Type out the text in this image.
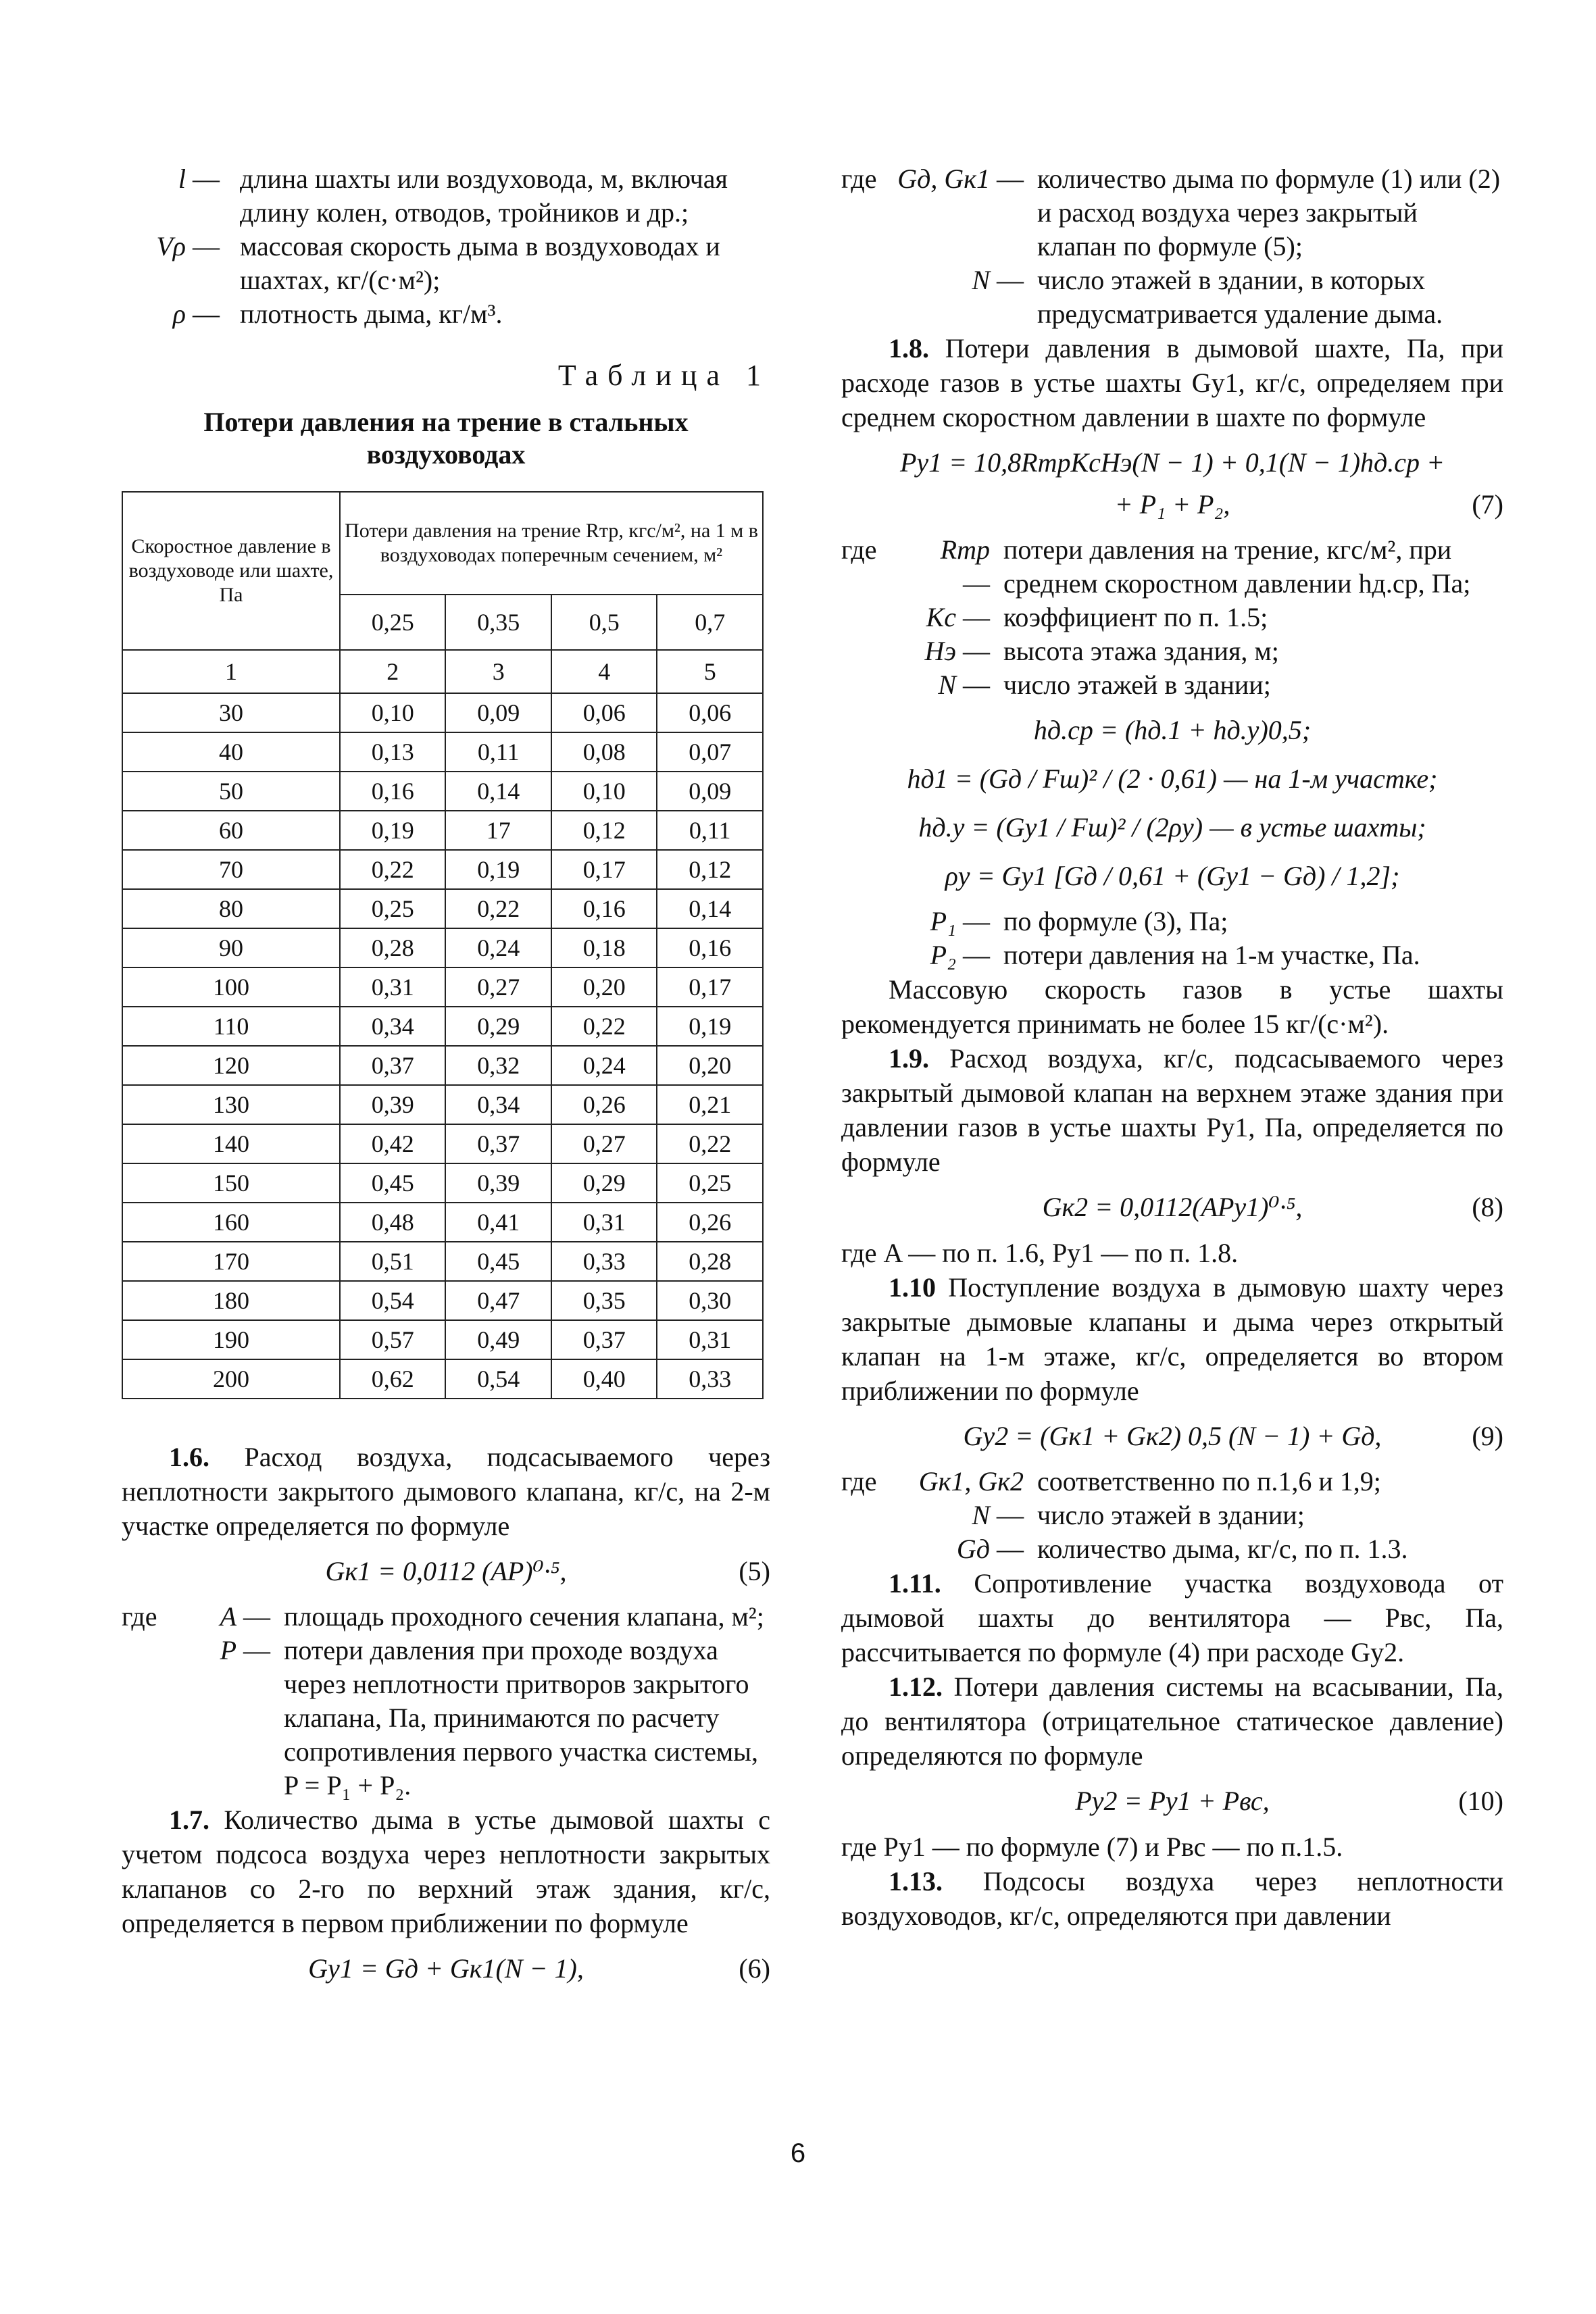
l —	длина шахты или воздуховода, м, включая длину колен, отводов, тройников и др.;
Vρ —	массовая скорость дыма в воздуховодах и шахтах, кг/(с·м²);
ρ —	плотность дыма, кг/м³.
Таблица 1
Потери давления на трение в стальных воздуховодах
Скоростное давление в воздуховоде или шахте, Па	Потери давления на трение Rтр, кгс/м², на 1 м в воздуховодах поперечным сечением, м²			
	0,25	0,35	0,5	0,7
1	2	3	4	5
30	0,10	0,09	0,06	0,06
40	0,13	0,11	0,08	0,07
50	0,16	0,14	0,10	0,09
60	0,19	17	0,12	0,11
70	0,22	0,19	0,17	0,12
80	0,25	0,22	0,16	0,14
90	0,28	0,24	0,18	0,16
100	0,31	0,27	0,20	0,17
110	0,34	0,29	0,22	0,19
120	0,37	0,32	0,24	0,20
130	0,39	0,34	0,26	0,21
140	0,42	0,37	0,27	0,22
150	0,45	0,39	0,29	0,25
160	0,48	0,41	0,31	0,26
170	0,51	0,45	0,33	0,28
180	0,54	0,47	0,35	0,30
190	0,57	0,49	0,37	0,31
200	0,62	0,54	0,40	0,33

1.6. Расход воздуха, подсасываемого через неплотности закрытого дымового клапана, кг/с, на 2-м участке определяется по формуле

Gк1 = 0,0112 (AP)⁰·⁵,	(5)
где	A —	площадь проходного сечения клапана, м²;
P —	потери давления при проходе воздуха через неплотности притворов закрытого клапана, Па, принимаются по расчету сопротивления первого участка системы, P = P₁ + P₂.

1.7. Количество дыма в устье дымовой шахты с учетом подсоса воздуха через неплотности закрытых клапанов со 2-го по верхний этаж здания, кг/с, определяется в первом приближении по формуле

Gу1 = Gд + Gк1(N − 1),	(6)
где Gд, Gк1 —	количество дыма по формуле (1) или (2) и расход воздуха через закрытый клапан по формуле (5);
N —	число этажей в здании, в которых предусматривается удаление дыма.

1.8. Потери давления в дымовой шахте, Па, при расходе газов в устье шахты Gу1, кг/с, определяем при среднем скоростном давлении в шахте по формуле

Pу1 = 10,8RтрKсHэ(N − 1) + 0,1(N − 1)hд.ср +
+ P₁ + P₂,	(7)
где	Rтр — потери давления на трение, кгс/м², при среднем скоростном давлении hд.ср, Па;
Kс —	коэффициент по п. 1.5;
Hэ —	высота этажа здания, м;
N —	число этажей в здании;
hд.ср = (hд.1 + hд.у)0,5;
hд1 = (Gд / Fш)² / (2 · 0,61) — на 1-м участке;
hд.у = (Gу1 / Fш)² / (2ρу) — в устье шахты;
ρу = Gу1 [Gд / 0,61 + (Gу1 − Gд) / 1,2];
P₁ —	по формуле (3), Па;
P₂ —	потери давления на 1-м участке, Па.

Массовую скорость газов в устье шахты рекомендуется принимать не более 15 кг/(с·м²).

1.9. Расход воздуха, кг/с, подсасываемого через закрытый дымовой клапан на верхнем этаже здания при давлении газов в устье шахты Pу1, Па, определяется по формуле

Gк2 = 0,0112(APу1)⁰·⁵,	(8)

где A — по п. 1.6, Pу1 — по п. 1.8.

1.10 Поступление воздуха в дымовую шахту через закрытые дымовые клапаны и дыма через открытый клапан на 1-м этаже, кг/с, определяется во втором приближении по формуле

Gу2 = (Gк1 + Gк2) 0,5 (N − 1) + Gд,	(9)
где	Gк1, Gк2 — соответственно по п.1,6 и 1,9;
N —	число этажей в здании;
Gд —	количество дыма, кг/с, по п. 1.3.

1.11. Сопротивление участка воздуховода от дымовой шахты до вентилятора — Pвс, Па, рассчитывается по формуле (4) при расходе Gу2.

1.12. Потери давления системы на всасывании, Па, до вентилятора (отрицательное статическое давление) определяются по формуле

Pу2 = Pу1 + Pвс,	(10)

где Pу1 — по формуле (7) и Pвс — по п.1.5.

1.13. Подсосы воздуха через неплотности воздуховодов, кг/с, определяются при давлении

6
